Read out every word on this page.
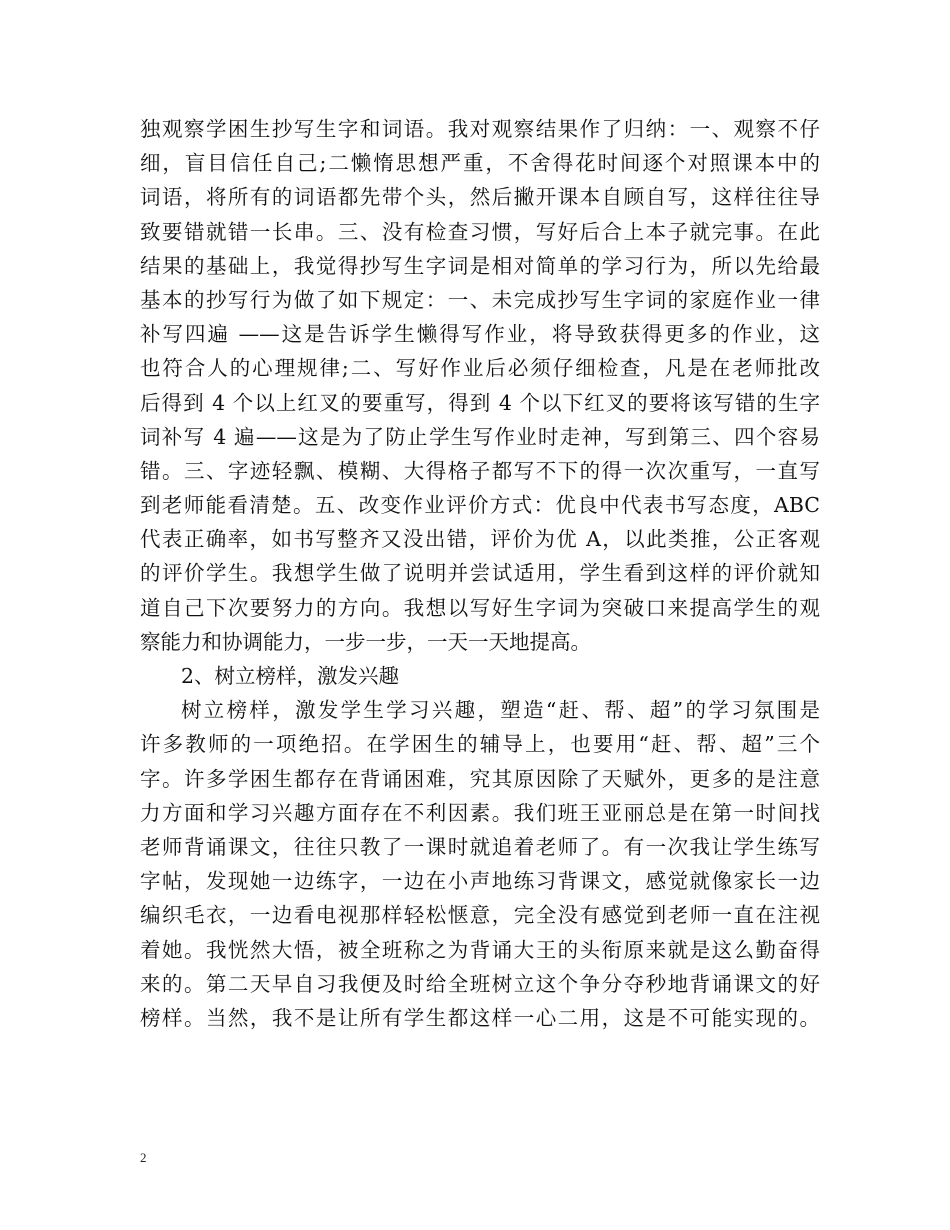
独观察学困生抄写生字和词语。我对观察结果作了归纳：一、观察不仔
细，盲目信任自己;二懒惰思想严重，不舍得花时间逐个对照课本中的
词语，将所有的词语都先带个头，然后撇开课本自顾自写，这样往往导
致要错就错一长串。三、没有检查习惯，写好后合上本子就完事。在此
结果的基础上，我觉得抄写生字词是相对简单的学习行为，所以先给最
基本的抄写行为做了如下规定：一、未完成抄写生字词的家庭作业一律
补写四遍 ——这是告诉学生懒得写作业，将导致获得更多的作业，这
也符合人的心理规律;二、写好作业后必须仔细检查，凡是在老师批改
后得到 4 个以上红叉的要重写，得到 4 个以下红叉的要将该写错的生字
词补写 4 遍——这是为了防止学生写作业时走神，写到第三、四个容易
错。三、字迹轻飘、模糊、大得格子都写不下的得一次次重写，一直写
到老师能看清楚。五、改变作业评价方式：优良中代表书写态度，ABC
代表正确率，如书写整齐又没出错，评价为优 A，以此类推，公正客观
的评价学生。我想学生做了说明并尝试适用，学生看到这样的评价就知
道自己下次要努力的方向。我想以写好生字词为突破口来提高学生的观
察能力和协调能力，一步一步，一天一天地提高。
2、树立榜样，激发兴趣
树立榜样，激发学生学习兴趣，塑造“赶、帮、超”的学习氛围是
许多教师的一项绝招。在学困生的辅导上，也要用“赶、帮、超”三个
字。许多学困生都存在背诵困难，究其原因除了天赋外，更多的是注意
力方面和学习兴趣方面存在不利因素。我们班王亚丽总是在第一时间找
老师背诵课文，往往只教了一课时就追着老师了。有一次我让学生练写
字帖，发现她一边练字，一边在小声地练习背课文，感觉就像家长一边
编织毛衣，一边看电视那样轻松惬意，完全没有感觉到老师一直在注视
着她。我恍然大悟，被全班称之为背诵大王的头衔原来就是这么勤奋得
来的。第二天早自习我便及时给全班树立这个争分夺秒地背诵课文的好
榜样。当然，我不是让所有学生都这样一心二用，这是不可能实现的。
2
